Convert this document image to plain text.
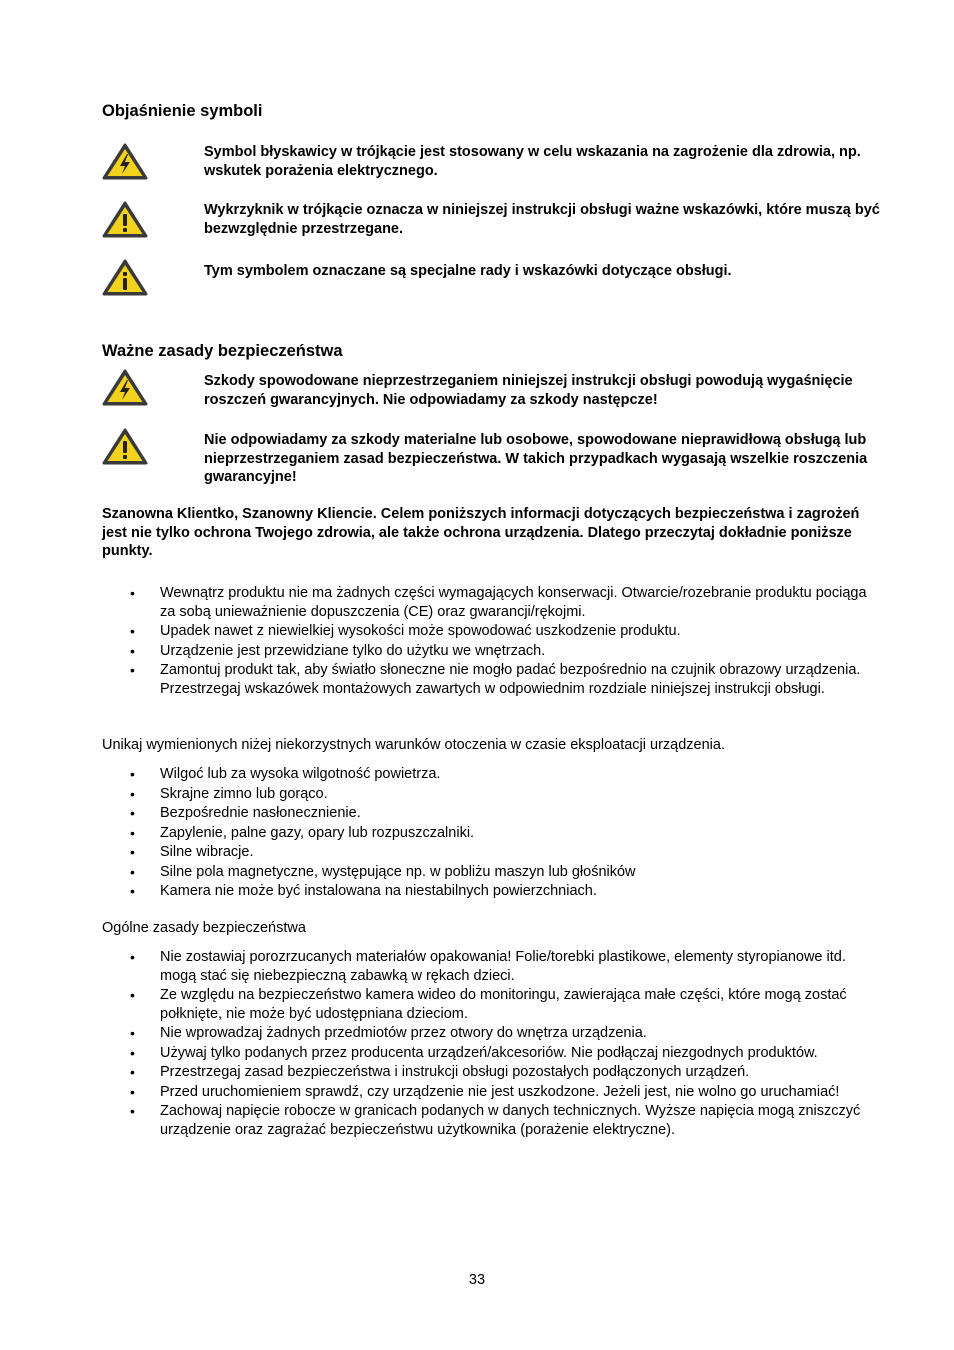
Objaśnienie symboli
Symbol błyskawicy w trójkącie jest stosowany w celu wskazania na zagrożenie dla zdrowia, np. wskutek porażenia elektrycznego.
Wykrzyknik w trójkącie oznacza w niniejszej instrukcji obsługi ważne wskazówki, które muszą być bezwzględnie przestrzegane.
Tym symbolem oznaczane są specjalne rady i wskazówki dotyczące obsługi.
Ważne zasady bezpieczeństwa
Szkody spowodowane nieprzestrzeganiem niniejszej instrukcji obsługi powodują wygaśnięcie roszczeń gwarancyjnych. Nie odpowiadamy za szkody następcze!
Nie odpowiadamy za szkody materialne lub osobowe, spowodowane nieprawidłową obsługą lub nieprzestrzeganiem zasad bezpieczeństwa. W takich przypadkach wygasają wszelkie roszczenia gwarancyjne!

Szanowna Klientko, Szanowny Kliencie. Celem poniższych informacji dotyczących bezpieczeństwa i zagrożeń jest nie tylko ochrona Twojego zdrowia, ale także ochrona urządzenia. Dlatego przeczytaj dokładnie poniższe punkty.

• Wewnątrz produktu nie ma żadnych części wymagających konserwacji. Otwarcie/rozebranie produktu pociąga za sobą unieważnienie dopuszczenia (CE) oraz gwarancji/rękojmi.
• Upadek nawet z niewielkiej wysokości może spowodować uszkodzenie produktu.
• Urządzenie jest przewidziane tylko do użytku we wnętrzach.
• Zamontuj produkt tak, aby światło słoneczne nie mogło padać bezpośrednio na czujnik obrazowy urządzenia. Przestrzegaj wskazówek montażowych zawartych w odpowiednim rozdziale niniejszej instrukcji obsługi.

Unikaj wymienionych niżej niekorzystnych warunków otoczenia w czasie eksploatacji urządzenia.

• Wilgoć lub za wysoka wilgotność powietrza.
• Skrajne zimno lub gorąco.
• Bezpośrednie nasłonecznienie.
• Zapylenie, palne gazy, opary lub rozpuszczalniki.
• Silne wibracje.
• Silne pola magnetyczne, występujące np. w pobliżu maszyn lub głośników
• Kamera nie może być instalowana na niestabilnych powierzchniach.

Ogólne zasady bezpieczeństwa

• Nie zostawiaj porozrzucanych materiałów opakowania! Folie/torebki plastikowe, elementy styropianowe itd. mogą stać się niebezpieczną zabawką w rękach dzieci.
• Ze względu na bezpieczeństwo kamera wideo do monitoringu, zawierająca małe części, które mogą zostać połknięte, nie może być udostępniana dzieciom.
• Nie wprowadzaj żadnych przedmiotów przez otwory do wnętrza urządzenia.
• Używaj tylko podanych przez producenta urządzeń/akcesoriów. Nie podłączaj niezgodnych produktów.
• Przestrzegaj zasad bezpieczeństwa i instrukcji obsługi pozostałych podłączonych urządzeń.
• Przed uruchomieniem sprawdź, czy urządzenie nie jest uszkodzone. Jeżeli jest, nie wolno go uruchamiać!
• Zachowaj napięcie robocze w granicach podanych w danych technicznych. Wyższe napięcia mogą zniszczyć urządzenie oraz zagrażać bezpieczeństwu użytkownika (porażenie elektryczne).
33
